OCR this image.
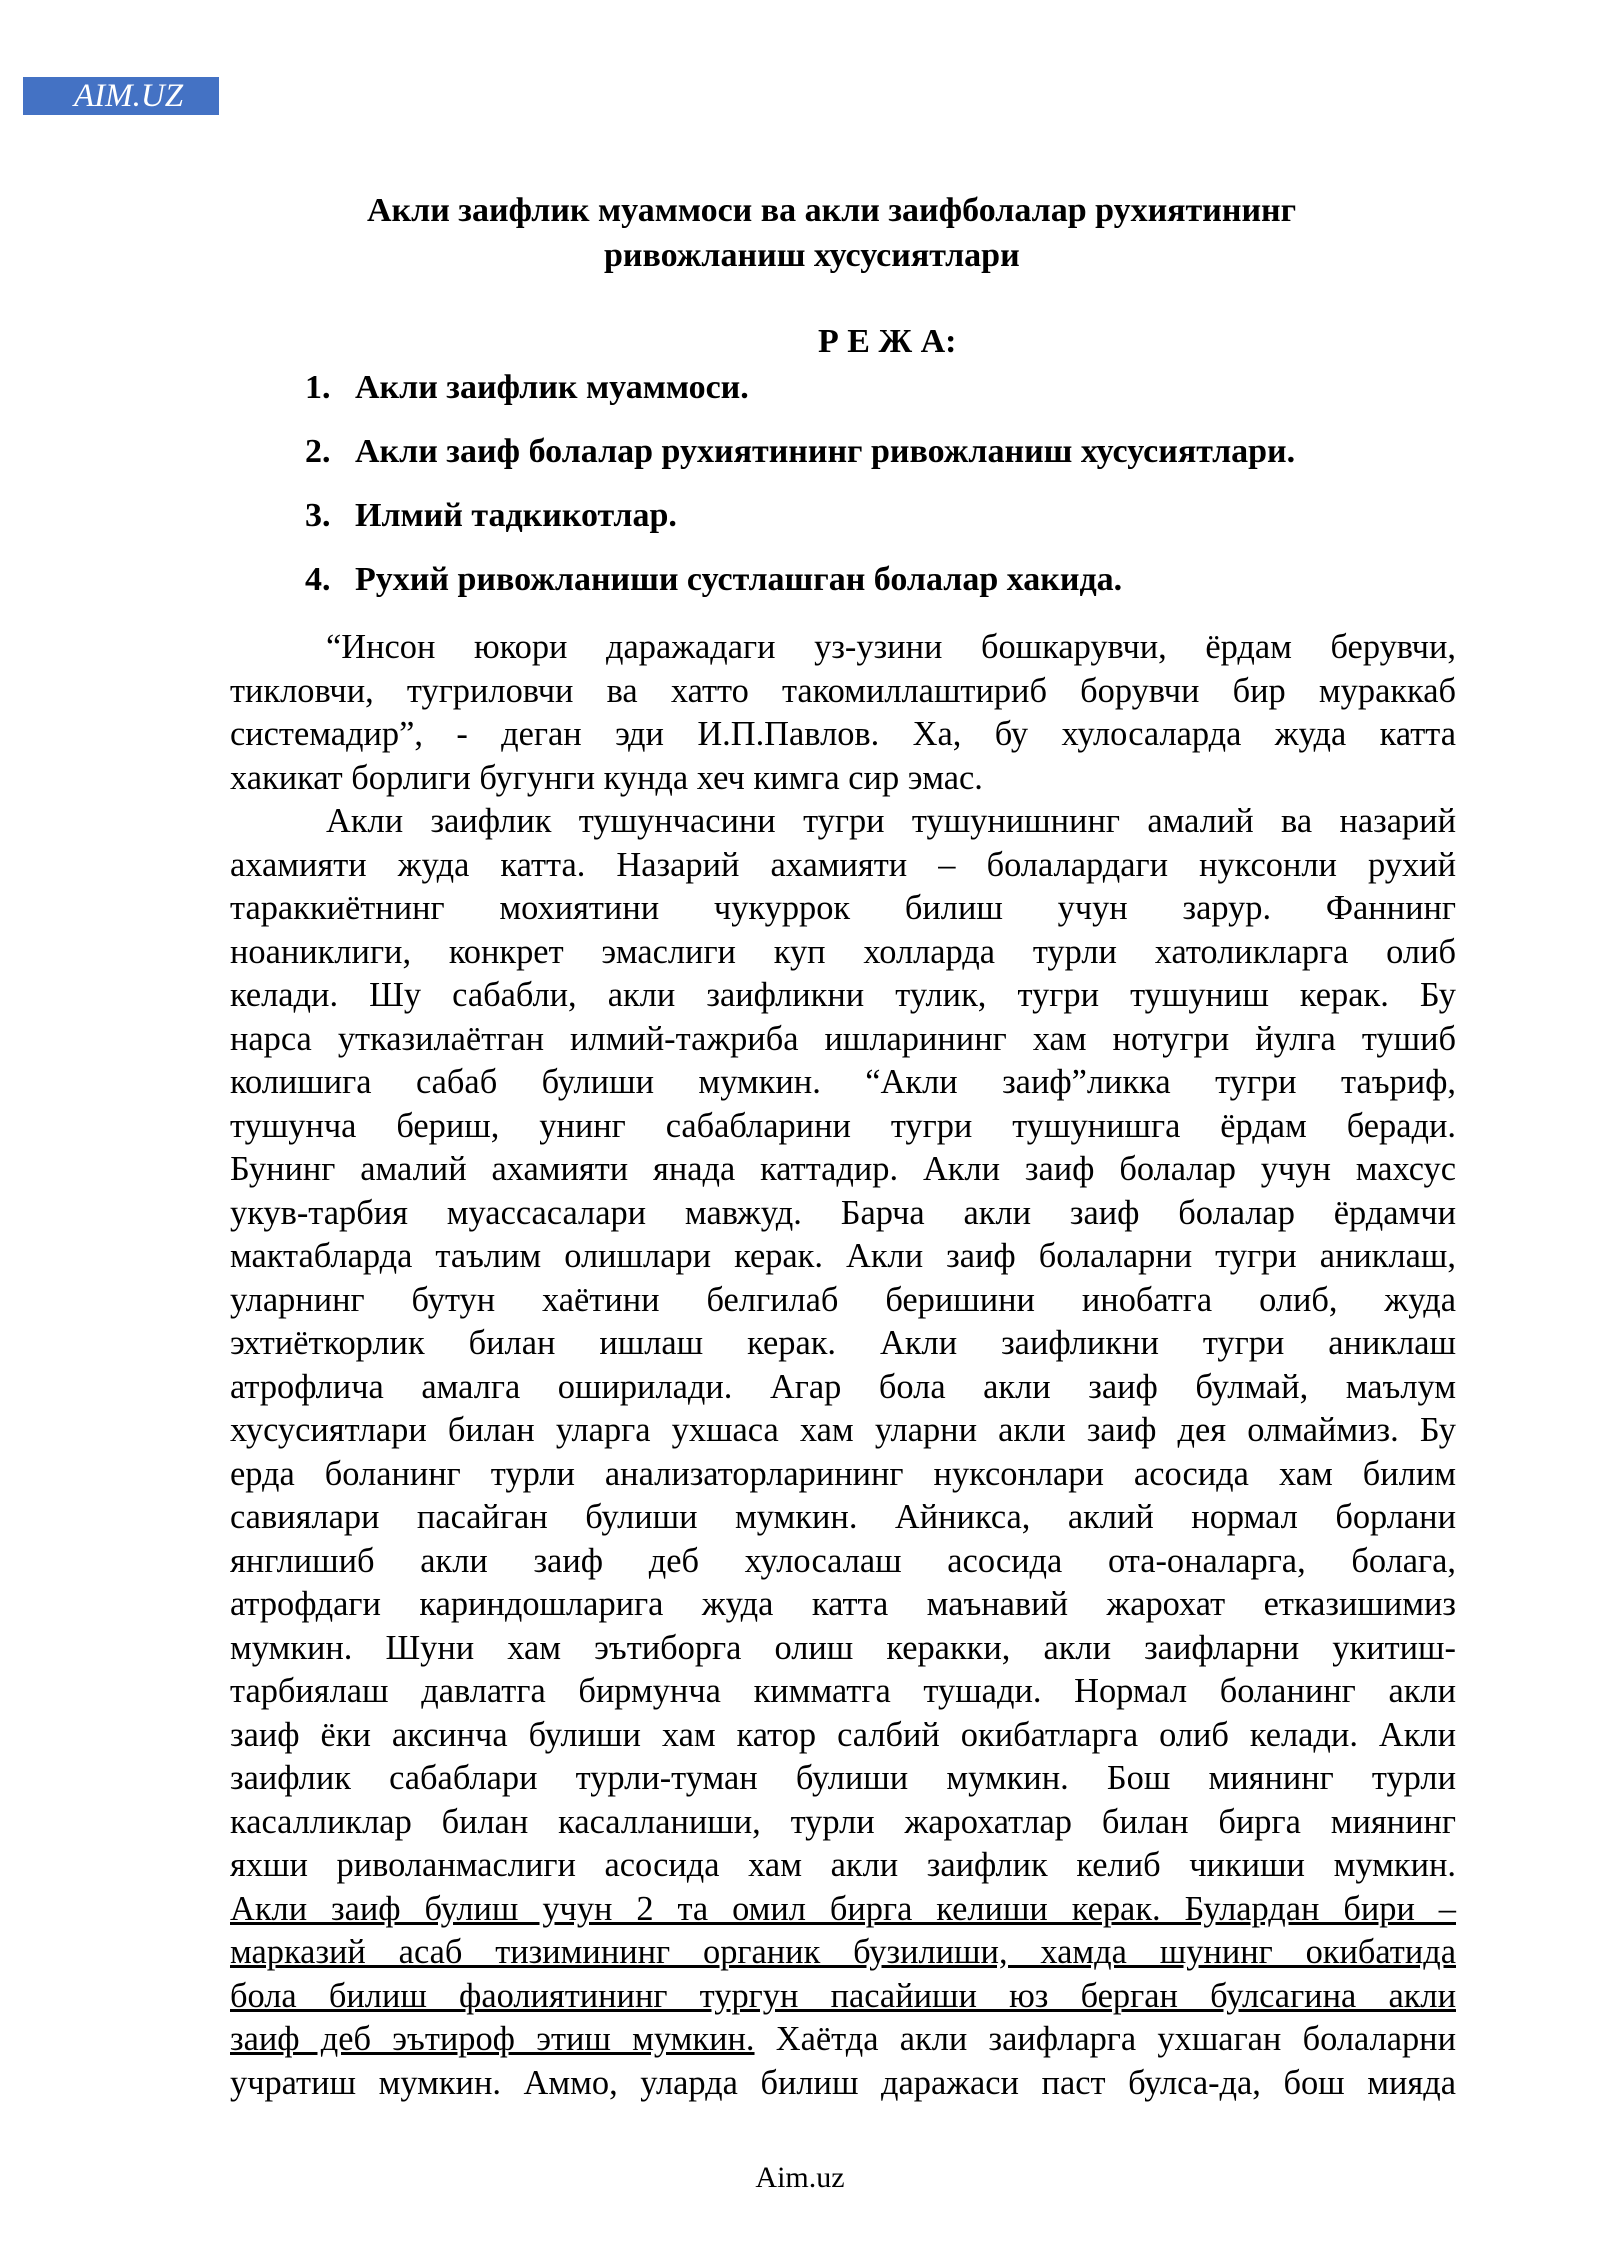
AIM.UZ
Акли заифлик муаммоси ва акли заифболалар рухиятининг
ривожланиш хусусиятлари
Р Е Ж А:
1. Акли заифлик муаммоси.
2. Акли заиф болалар рухиятининг ривожланиш хусусиятлари.
3. Илмий тадкикотлар.
4. Рухий ривожланиши сустлашган болалар хакида.
“Инсон юкори даражадаги уз-узини бошкарувчи, ёрдам берувчи,
тикловчи, тугриловчи ва хатто такомиллаштириб борувчи бир мураккаб
системадир”, - деган эди И.П.Павлов. Ха, бу хулосаларда жуда катта
хакикат борлиги бугунги кунда хеч кимга сир эмас.
Акли заифлик тушунчасини тугри тушунишнинг амалий ва назарий
ахамияти жуда катта. Назарий ахамияти – болалардаги нуксонли рухий
тараккиётнинг мохиятини чукуррок билиш учун зарур. Фаннинг
ноаниклиги, конкрет эмаслиги куп холларда турли хатоликларга олиб
келади. Шу сабабли, акли заифликни тулик, тугри тушуниш керак. Бу
нарса утказилаётган илмий-тажриба ишларининг хам нотугри йулга тушиб
колишига сабаб булиши мумкин. “Акли заиф”ликка тугри таъриф,
тушунча бериш, унинг сабабларини тугри тушунишга ёрдам беради.
Бунинг амалий ахамияти янада каттадир. Акли заиф болалар учун махсус
укув-тарбия муассасалари мавжуд. Барча акли заиф болалар ёрдамчи
мактабларда таълим олишлари керак. Акли заиф болаларни тугри аниклаш,
уларнинг бутун хаётини белгилаб беришини инобатга олиб, жуда
эхтиёткорлик билан ишлаш керак. Акли заифликни тугри аниклаш
атрофлича амалга оширилади. Агар бола акли заиф булмай, маълум
хусусиятлари билан уларга ухшаса хам уларни акли заиф дея олмаймиз. Бу
ерда боланинг турли анализаторларининг нуксонлари асосида хам билим
савиялари пасайган булиши мумкин. Айникса, аклий нормал борлани
янглишиб акли заиф деб хулосалаш асосида ота-оналарга, болага,
атрофдаги кариндошларига жуда катта маънавий жарохат етказишимиз
мумкин. Шуни хам эътиборга олиш керакки, акли заифларни укитиш-
тарбиялаш давлатга бирмунча кимматга тушади. Нормал боланинг акли
заиф ёки аксинча булиши хам катор салбий окибатларга олиб келади. Акли
заифлик сабаблари турли-туман булиши мумкин. Бош миянинг турли
касалликлар билан касалланиши, турли жарохатлар билан бирга миянинг
яхши риволанмаслиги асосида хам акли заифлик келиб чикиши мумкин.
Акли заиф булиш учун 2 та омил бирга келиши керак. Булардан бири –
марказий асаб тизимининг органик бузилиши, хамда шунинг окибатида
бола билиш фаолиятининг тургун пасайиши юз берган булсагина акли
заиф деб эътироф этиш мумкин. Хаётда акли заифларга ухшаган болаларни
учратиш мумкин. Аммо, уларда билиш даражаси паст булса-да, бош мияда
Aim.uz
